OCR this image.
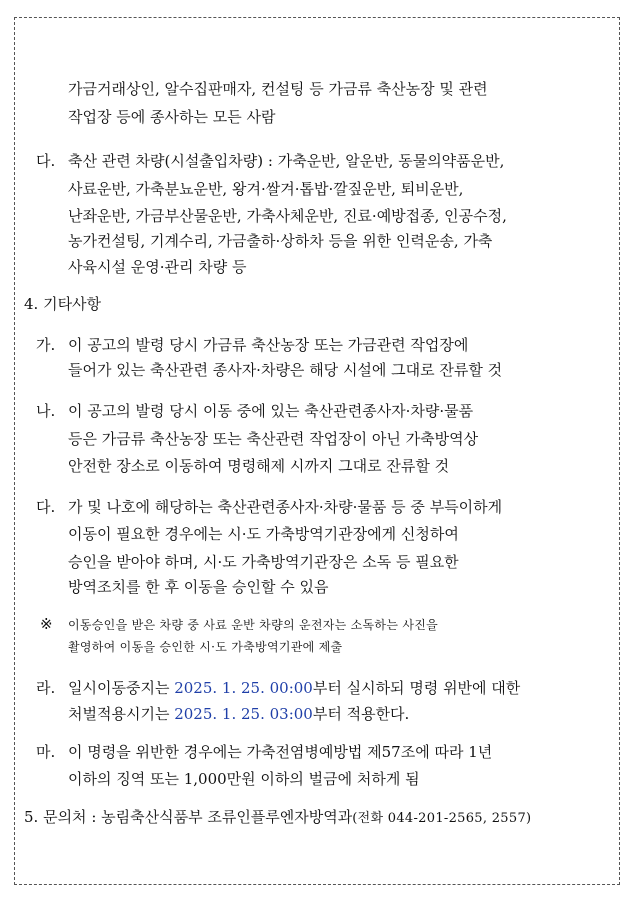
가금거래상인, 알수집판매자, 컨설팅 등 가금류 축산농장 및 관련
작업장 등에 종사하는 모든 사람
다. 축산 관련 차량(시설출입차량) : 가축운반, 알운반, 동물의약품운반,
사료운반, 가축분뇨운반, 왕겨·쌀겨·톱밥·깔짚운반, 퇴비운반,
난좌운반, 가금부산물운반, 가축사체운반, 진료·예방접종, 인공수정,
농가컨설팅, 기계수리, 가금출하·상하차 등을 위한 인력운송, 가축
사육시설 운영·관리 차량 등
4. 기타사항
가. 이 공고의 발령 당시 가금류 축산농장 또는 가금관련 작업장에
들어가 있는 축산관련 종사자·차량은 해당 시설에 그대로 잔류할 것
나. 이 공고의 발령 당시 이동 중에 있는 축산관련종사자·차량·물품
등은 가금류 축산농장 또는 축산관련 작업장이 아닌 가축방역상
안전한 장소로 이동하여 명령해제 시까지 그대로 잔류할 것
다. 가 및 나호에 해당하는 축산관련종사자·차량·물품 등 중 부득이하게
이동이 필요한 경우에는 시·도 가축방역기관장에게 신청하여
승인을 받아야 하며, 시·도 가축방역기관장은 소독 등 필요한
방역조치를 한 후 이동을 승인할 수 있음
※ 이동승인을 받은 차량 중 사료 운반 차량의 운전자는 소독하는 사진을
촬영하여 이동을 승인한 시·도 가축방역기관에 제출
라. 일시이동중지는 2025. 1. 25. 00:00부터 실시하되 명령 위반에 대한
처벌적용시기는 2025. 1. 25. 03:00부터 적용한다.
마. 이 명령을 위반한 경우에는 가축전염병예방법 제57조에 따라 1년
이하의 징역 또는 1,000만원 이하의 벌금에 처하게 됨
5. 문의처 : 농림축산식품부 조류인플루엔자방역과(전화 044-201-2565, 2557)
